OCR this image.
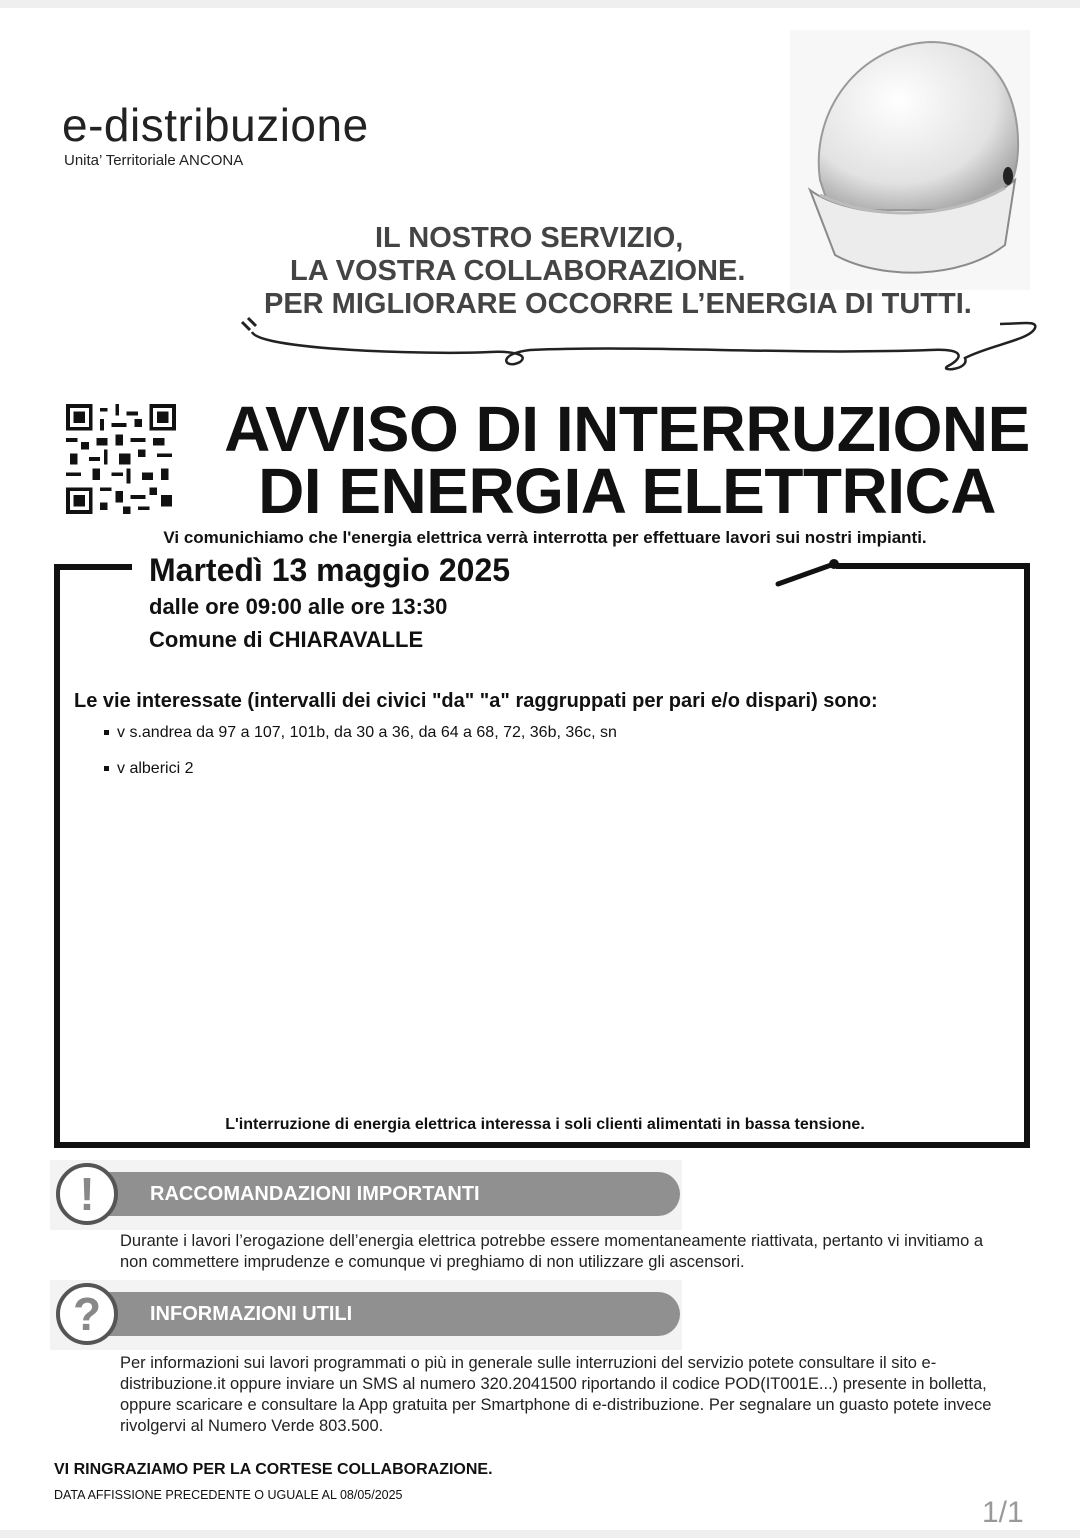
e-distribuzione
Unita’ Territoriale ANCONA
IL NOSTRO SERVIZIO,
LA VOSTRA COLLABORAZIONE.
PER MIGLIORARE OCCORRE L’ENERGIA DI TUTTI.
AVVISO DI INTERRUZIONE
DI ENERGIA ELETTRICA
Vi comunichiamo che l'energia elettrica verrà interrotta per effettuare lavori sui nostri impianti.
Martedì 13 maggio 2025
dalle ore 09:00 alle ore 13:30
Comune di CHIARAVALLE
Le vie interessate (intervalli dei civici "da" "a" raggruppati per pari e/o dispari) sono:
v s.andrea da 97 a 107, 101b, da 30 a 36, da 64 a 68, 72, 36b, 36c, sn
v alberici 2
L'interruzione di energia elettrica interessa i soli clienti alimentati in bassa tensione.
RACCOMANDAZIONI IMPORTANTI
!
Durante i lavori l’erogazione dell’energia elettrica potrebbe essere momentaneamente riattivata, pertanto vi invitiamo a non commettere imprudenze e comunque vi preghiamo di non utilizzare gli ascensori.
INFORMAZIONI UTILI
?
Per informazioni sui lavori programmati o più in generale sulle interruzioni del servizio potete consultare il sito e-distribuzione.it oppure inviare un SMS al numero 320.2041500 riportando il codice POD(IT001E...) presente in bolletta, oppure scaricare e consultare la App gratuita per Smartphone di e-distribuzione. Per segnalare un guasto potete invece rivolgervi al Numero Verde 803.500.
VI RINGRAZIAMO PER LA CORTESE COLLABORAZIONE.
DATA AFFISSIONE PRECEDENTE O UGUALE AL 08/05/2025
1/1
